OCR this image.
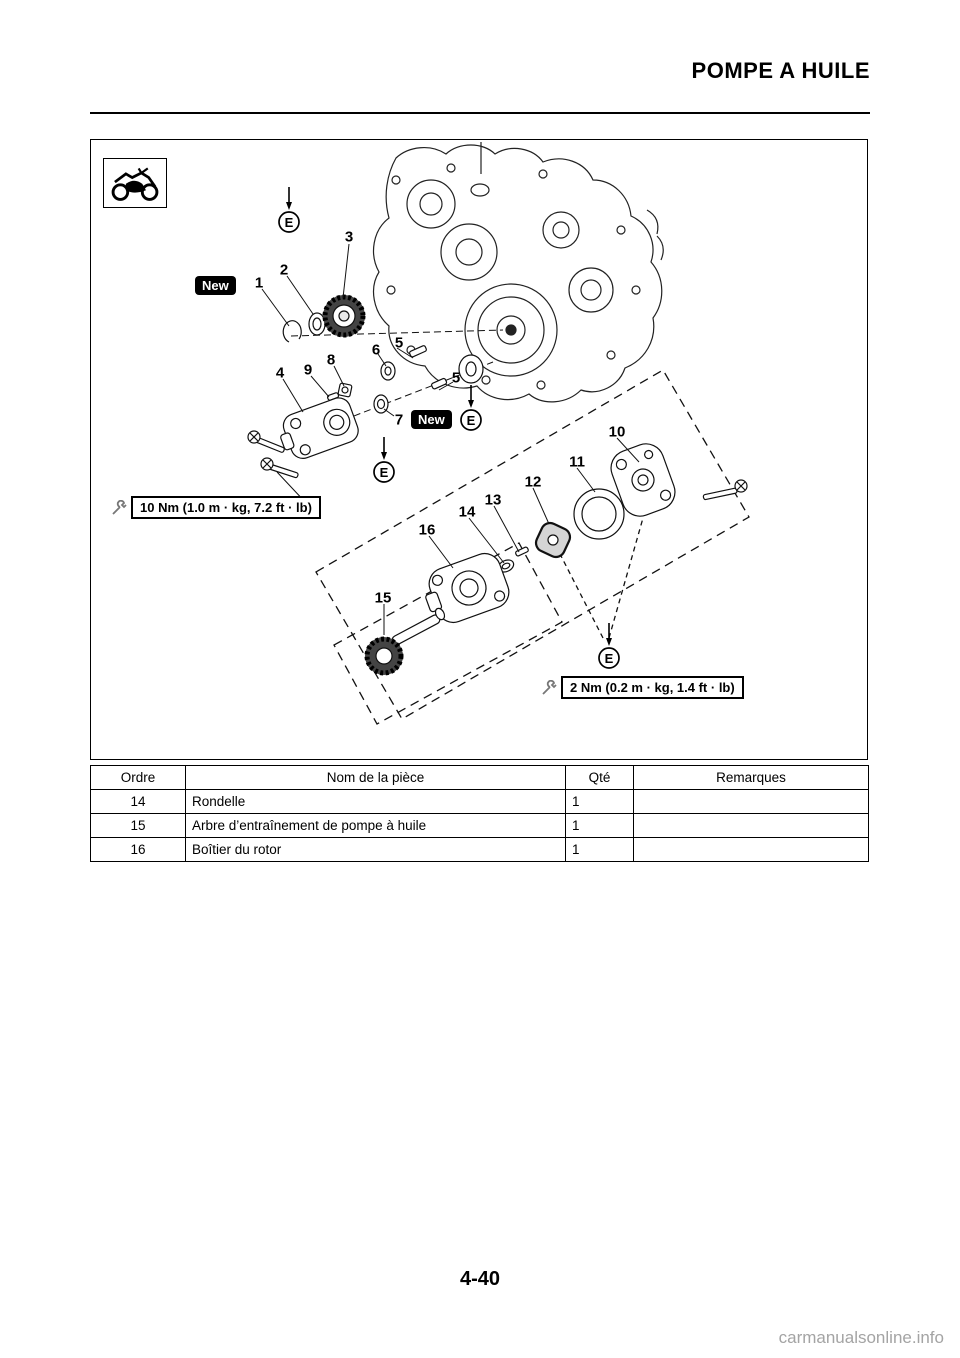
POMPE A HUILE
1
2
3
4
5
5
6
7
8
9
10
11
12
13
14
15
16
New
New
E
E
E
E
10 Nm (1.0 m · kg, 7.2 ft · lb)
2 Nm (0.2 m · kg, 1.4 ft · lb)
Ordre	Nom de la pièce	Qté	Remarques
14	Rondelle	1	
15	Arbre d’entraînement de pompe à huile	1	
16	Boîtier du rotor	1	
4-40
carmanualsonline.info
